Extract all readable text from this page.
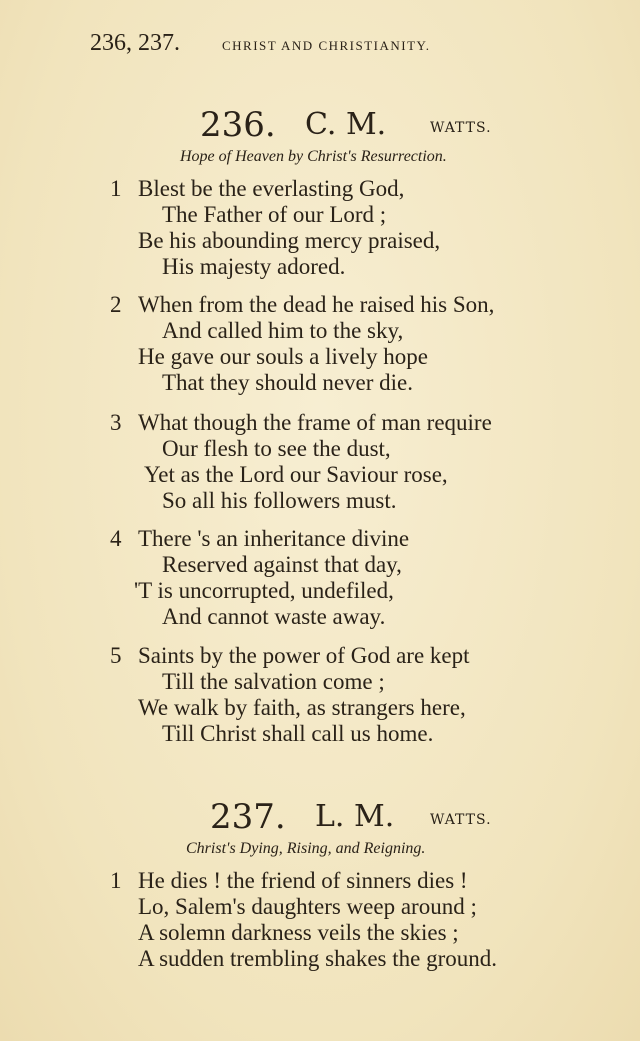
236, 237.	CHRIST AND CHRISTIANITY.
236. C. M.	WATTS.
Hope of Heaven by Christ's Resurrection.
1 Blest be the everlasting God,
The Father of our Lord ;
Be his abounding mercy praised,
His majesty adored.
2 When from the dead he raised his Son,
And called him to the sky,
He gave our souls a lively hope
That they should never die.
3 What though the frame of man require
Our flesh to see the dust,
Yet as the Lord our Saviour rose,
So all his followers must.
4 There 's an inheritance divine
Reserved against that day,
'T is uncorrupted, undefiled,
And cannot waste away.
5 Saints by the power of God are kept
Till the salvation come ;
We walk by faith, as strangers here,
Till Christ shall call us home.
237. L. M.	WATTS.
Christ's Dying, Rising, and Reigning.
1 He dies ! the friend of sinners dies !
Lo, Salem's daughters weep around ;
A solemn darkness veils the skies ;
A sudden trembling shakes the ground.
